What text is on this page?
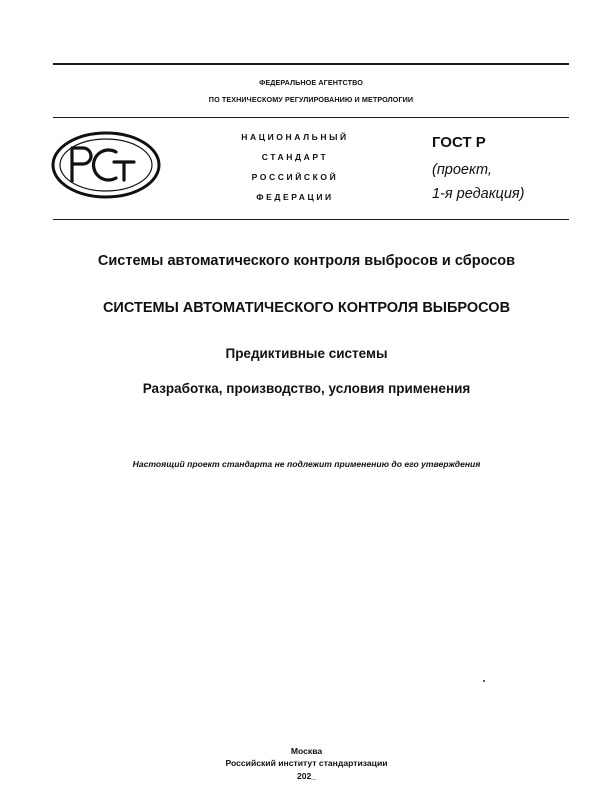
ФЕДЕРАЛЬНОЕ АГЕНТСТВО
ПО ТЕХНИЧЕСКОМУ РЕГУЛИРОВАНИЮ И МЕТРОЛОГИИ
НАЦИОНАЛЬНЫЙ
СТАНДАРТ
РОССИЙСКОЙ
ФЕДЕРАЦИИ
ГОСТ Р
(проект,
1-я редакция)
Системы автоматического контроля выбросов и сбросов
СИСТЕМЫ АВТОМАТИЧЕСКОГО КОНТРОЛЯ ВЫБРОСОВ
Предиктивные системы
Разработка, производство, условия применения
Настоящий проект стандарта не подлежит применению до его утверждения
Москва
Российский институт стандартизации
202_
